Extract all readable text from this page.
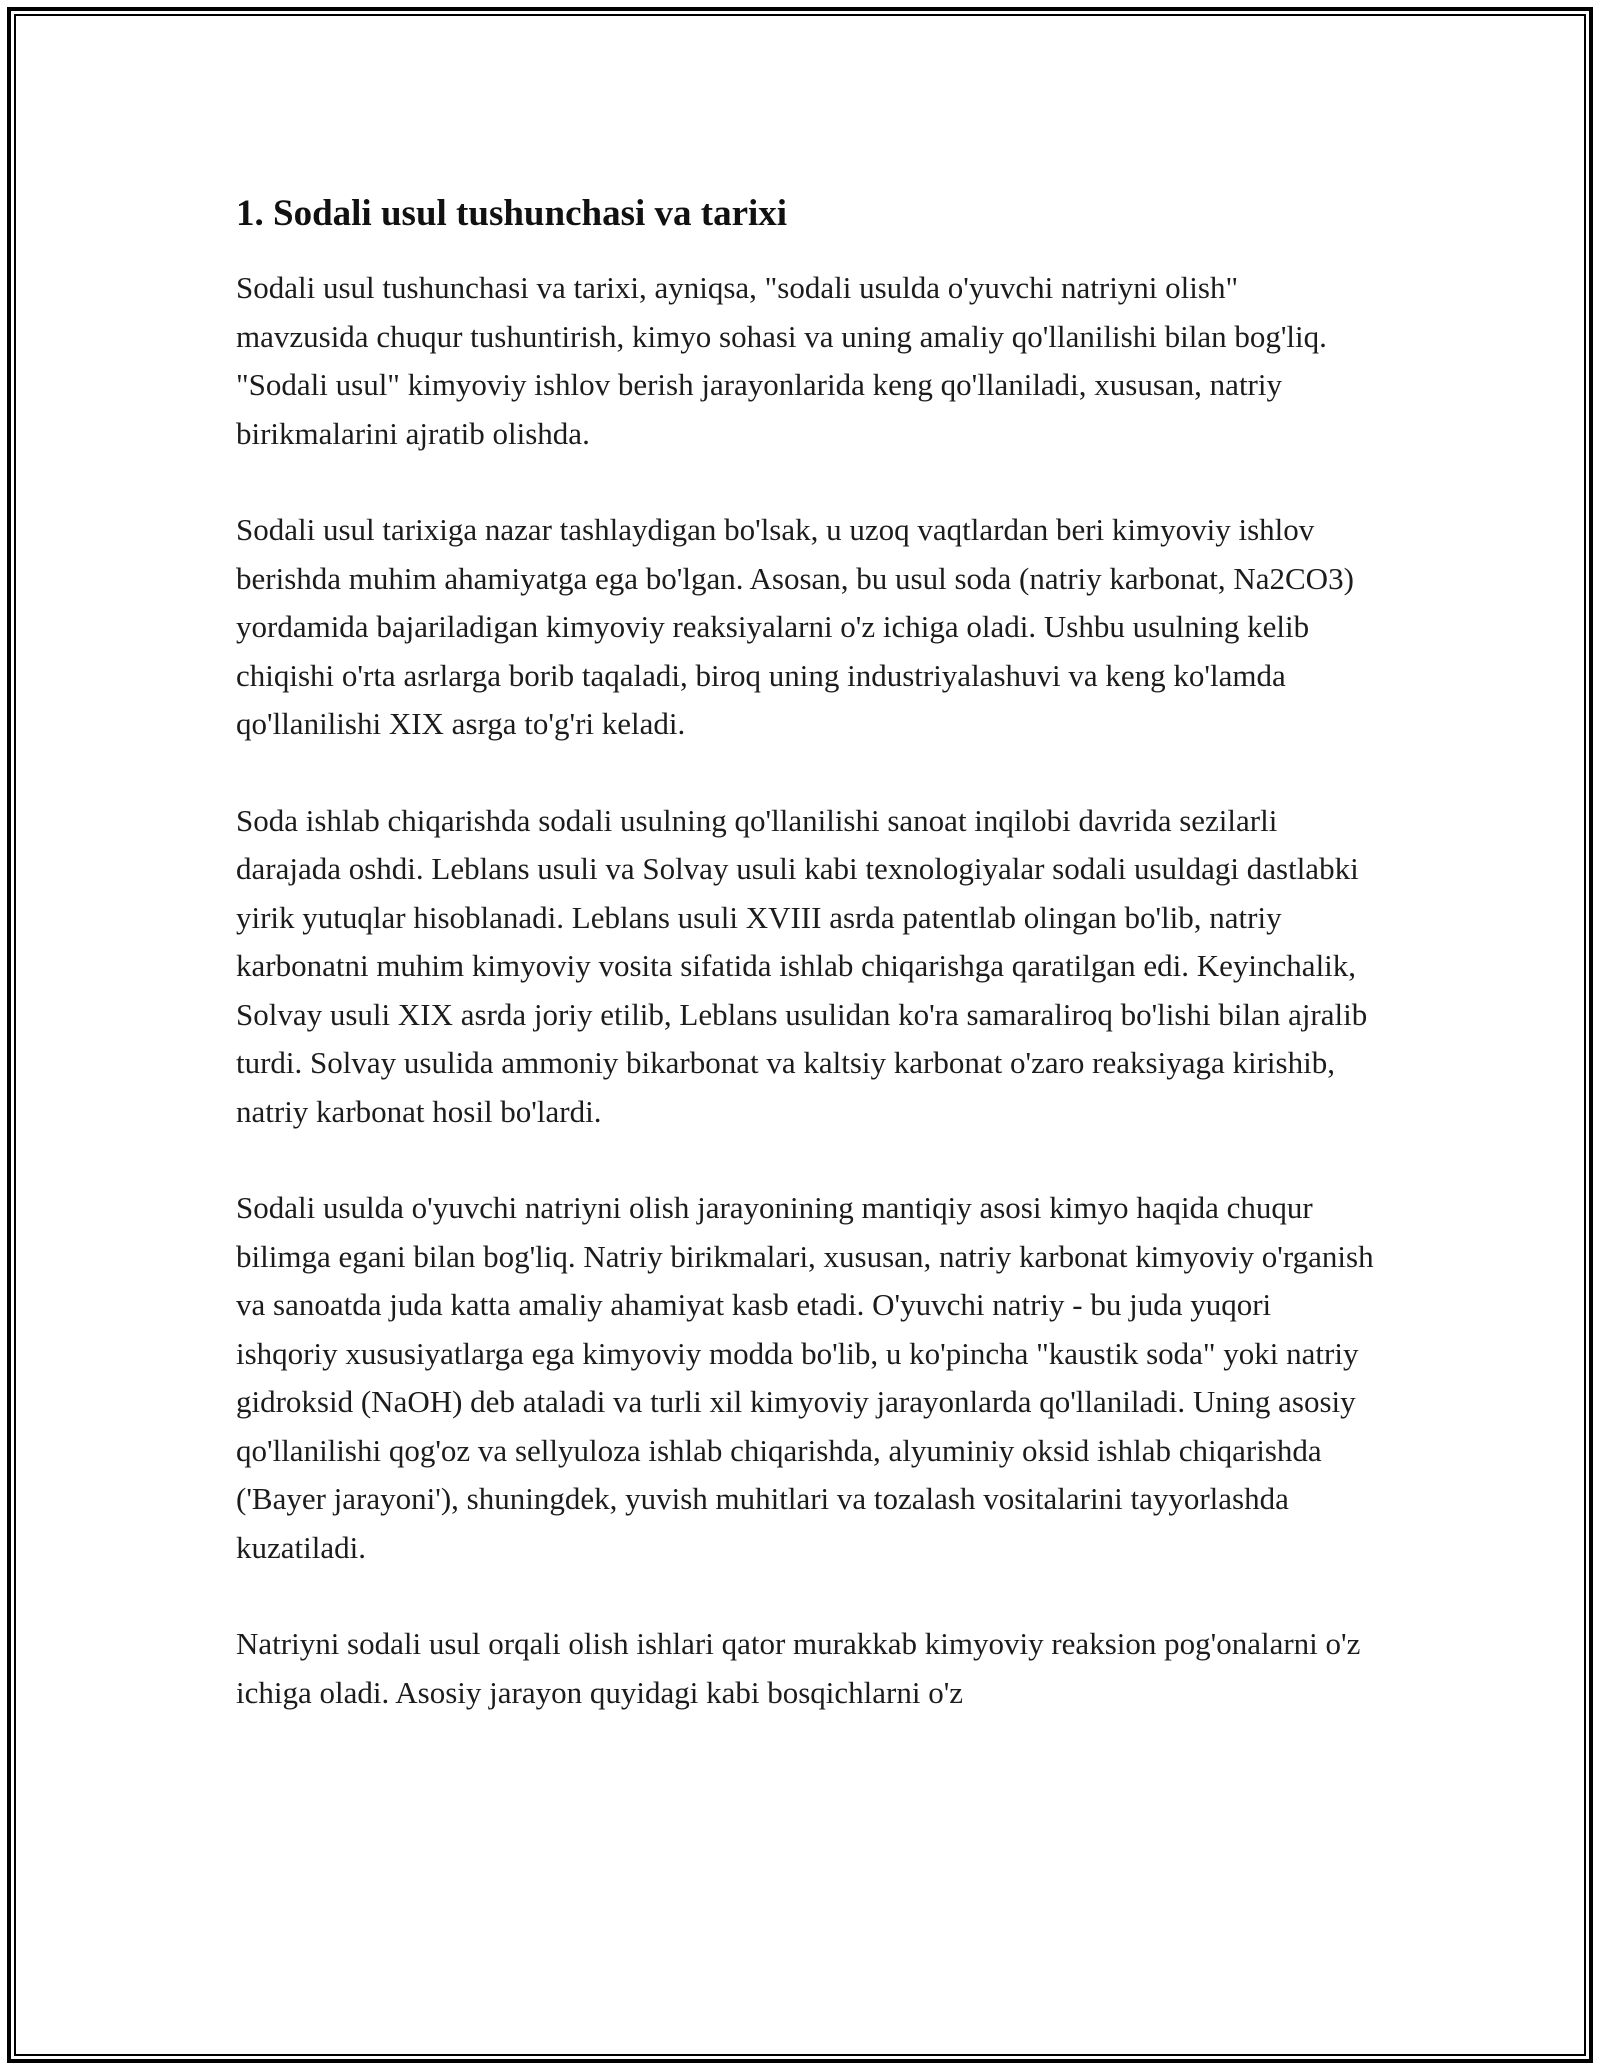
1. Sodali usul tushunchasi va tarixi

Sodali usul tushunchasi va tarixi, ayniqsa, "sodali usulda o'yuvchi natriyni olish" mavzusida chuqur tushuntirish, kimyo sohasi va uning amaliy qo'llanilishi bilan bog'liq. "Sodali usul" kimyoviy ishlov berish jarayonlarida keng qo'llaniladi, xususan, natriy birikmalarini ajratib olishda.

Sodali usul tarixiga nazar tashlaydigan bo'lsak, u uzoq vaqtlardan beri kimyoviy ishlov berishda muhim ahamiyatga ega bo'lgan. Asosan, bu usul soda (natriy karbonat, Na2CO3) yordamida bajariladigan kimyoviy reaksiyalarni o'z ichiga oladi. Ushbu usulning kelib chiqishi o'rta asrlarga borib taqaladi, biroq uning industriyalashuvi va keng ko'lamda qo'llanilishi XIX asrga to'g'ri keladi.

Soda ishlab chiqarishda sodali usulning qo'llanilishi sanoat inqilobi davrida sezilarli darajada oshdi. Leblans usuli va Solvay usuli kabi texnologiyalar sodali usuldagi dastlabki yirik yutuqlar hisoblanadi. Leblans usuli XVIII asrda patentlab olingan bo'lib, natriy karbonatni muhim kimyoviy vosita sifatida ishlab chiqarishga qaratilgan edi. Keyinchalik, Solvay usuli XIX asrda joriy etilib, Leblans usulidan ko'ra samaraliroq bo'lishi bilan ajralib turdi. Solvay usulida ammoniy bikarbonat va kaltsiy karbonat o'zaro reaksiyaga kirishib, natriy karbonat hosil bo'lardi.

Sodali usulda o'yuvchi natriyni olish jarayonining mantiqiy asosi kimyo haqida chuqur bilimga egani bilan bog'liq. Natriy birikmalari, xususan, natriy karbonat kimyoviy o'rganish va sanoatda juda katta amaliy ahamiyat kasb etadi. O'yuvchi natriy - bu juda yuqori ishqoriy xususiyatlarga ega kimyoviy modda bo'lib, u ko'pincha "kaustik soda" yoki natriy gidroksid (NaOH) deb ataladi va turli xil kimyoviy jarayonlarda qo'llaniladi. Uning asosiy qo'llanilishi qog'oz va sellyuloza ishlab chiqarishda, alyuminiy oksid ishlab chiqarishda ('Bayer jarayoni'), shuningdek, yuvish muhitlari va tozalash vositalarini tayyorlashda kuzatiladi.

Natriyni sodali usul orqali olish ishlari qator murakkab kimyoviy reaksion pog'onalarni o'z ichiga oladi. Asosiy jarayon quyidagi kabi bosqichlarni o'z
